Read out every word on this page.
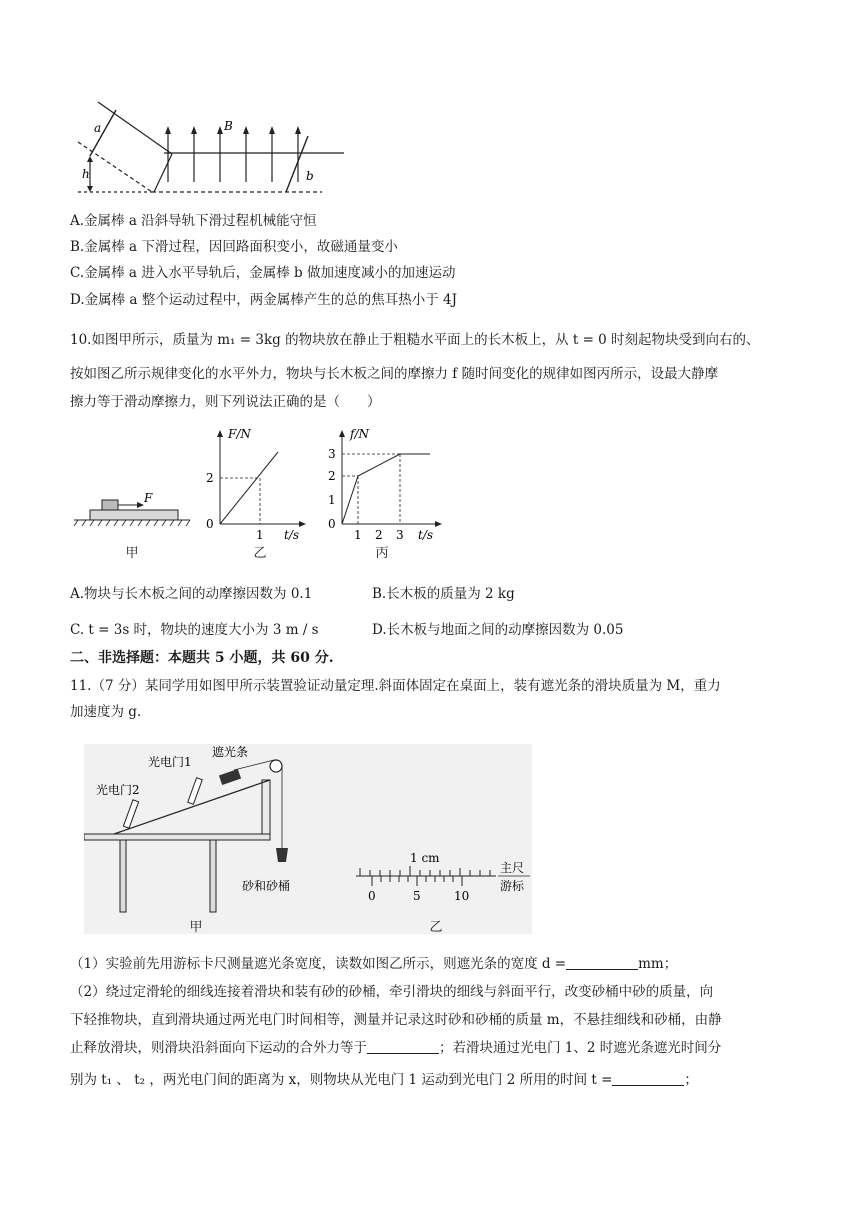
a	B
h	b
A.金属棒 a 沿斜导轨下滑过程机械能守恒
B.金属棒 a 下滑过程，因回路面积变小，故磁通量变小
C.金属棒 a 进入水平导轨后，金属棒 b 做加速度减小的加速运动
D.金属棒 a 整个运动过程中，两金属棒产生的总的焦耳热小于 4J
10.如图甲所示，质量为 m₁ = 3kg 的物块放在静止于粗糙水平面上的长木板上，从 t = 0 时刻起物块受到向右的、
按如图乙所示规律变化的水平外力，物块与长木板之间的摩擦力 f 随时间变化的规律如图丙所示，设最大静摩
擦力等于滑动摩擦力，则下列说法正确的是（　　）
F
甲
F/N
2
0
1 t/s
乙
f/N
1
2
3
0
1 2 3 t/s
丙
A.物块与长木板之间的动摩擦因数为 0.1	B.长木板的质量为 2 kg
C. t = 3s 时，物块的速度大小为 3 m / s	D.长木板与地面之间的动摩擦因数为 0.05
二、非选择题：本题共 5 小题，共 60 分.
11.（7 分）某同学用如图甲所示装置验证动量定理.斜面体固定在桌面上，装有遮光条的滑块质量为 M，重力
加速度为 g.
光电门2
光电门1
遮光条
砂和砂桶
甲
1 cm
0	5	10
主尺
游标
乙
（1）实验前先用游标卡尺测量遮光条宽度，读数如图乙所示，则遮光条的宽度 d =	mm；
（2）绕过定滑轮的细线连接着滑块和装有砂的砂桶，牵引滑块的细线与斜面平行，改变砂桶中砂的质量，向
下轻推物块，直到滑块通过两光电门时间相等，测量并记录这时砂和砂桶的质量 m，不悬挂细线和砂桶，由静
止释放滑块，则滑块沿斜面向下运动的合外力等于	；若滑块通过光电门 1、2 时遮光条遮光时间分
别为 t₁ 、 t₂ ，两光电门间的距离为 x，则物块从光电门 1 运动到光电门 2 所用的时间 t =	；
